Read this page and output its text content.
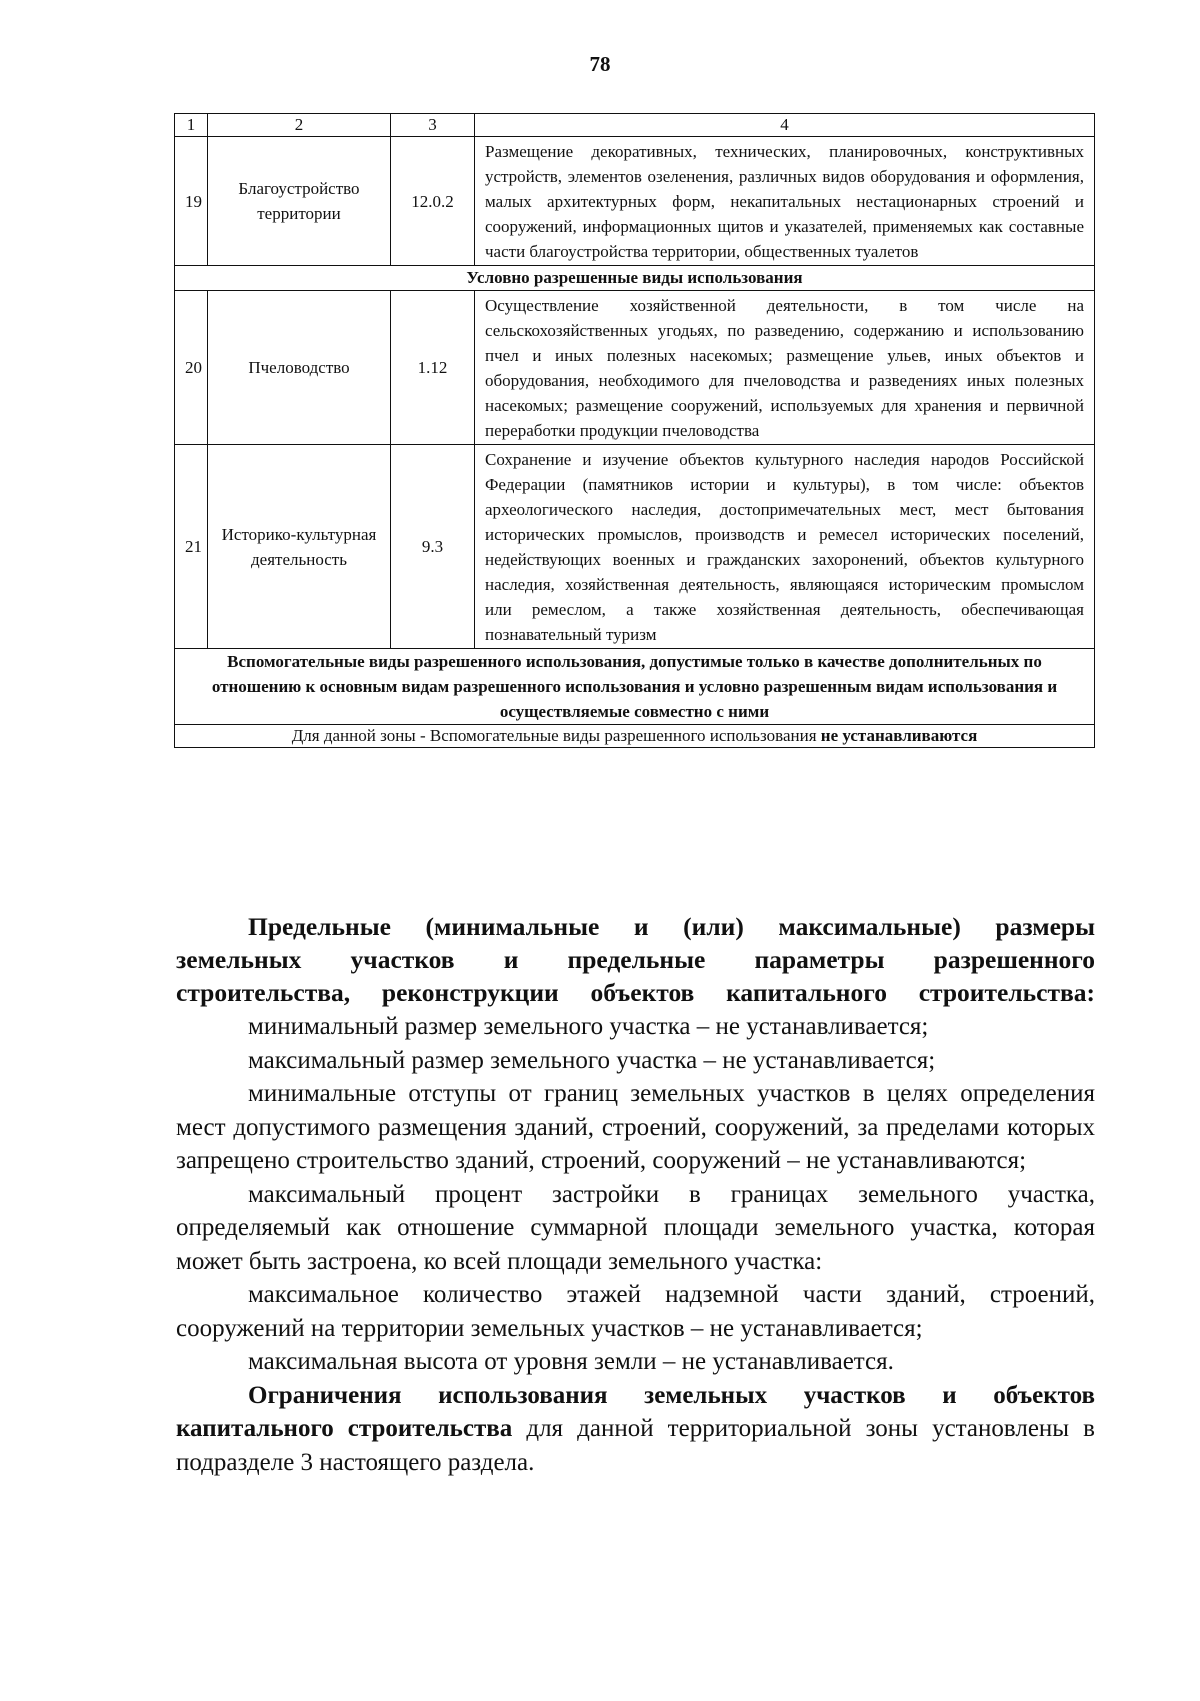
78
1	2	3	4
19	Благоустройство территории	12.0.2	Размещение декоративных, технических, планировочных, конструктивных устройств, элементов озеленения, различных видов оборудования и оформления, малых архитектурных форм, некапитальных нестационарных строений и сооружений, информационных щитов и указателей, применяемых как составные части благоустройства территории, общественных туалетов
Условно разрешенные виды использования			
20	Пчеловодство	1.12	Осуществление хозяйственной деятельности, в том числе на сельскохозяйственных угодьях, по разведению, содержанию и использованию пчел и иных полезных насекомых; размещение ульев, иных объектов и оборудования, необходимого для пчеловодства и разведениях иных полезных насекомых; размещение сооружений, используемых для хранения и первичной переработки продукции пчеловодства
21	Историко-культурная деятельность	9.3	Сохранение и изучение объектов культурного наследия народов Российской Федерации (памятников истории и культуры), в том числе: объектов археологического наследия, достопримечательных мест, мест бытования исторических промыслов, производств и ремесел исторических поселений, недействующих военных и гражданских захоронений, объектов культурного наследия, хозяйственная деятельность, являющаяся историческим промыслом или ремеслом, а также хозяйственная деятельность, обеспечивающая познавательный туризм
Вспомогательные виды разрешенного использования, допустимые только в качестве дополнительных по отношению к основным видам разрешенного использования и условно разрешенным видам использования и осуществляемые совместно с ними			
Для данной зоны - Вспомогательные виды разрешенного использования не устанавливаются			
Предельные (минимальные и (или) максимальные) размеры
земельных участков и предельные параметры разрешенного
строительства, реконструкции объектов капитального строительства:

минимальный размер земельного участка – не устанавливается;

максимальный размер земельного участка – не устанавливается;

минимальные отступы от границ земельных участков в целях определения мест допустимого размещения зданий, строений, сооружений, за пределами которых запрещено строительство зданий, строений, сооружений – не устанавливаются;

максимальный процент застройки в границах земельного участка, определяемый как отношение суммарной площади земельного участка, которая может быть застроена, ко всей площади земельного участка:

максимальное количество этажей надземной части зданий, строений, сооружений на территории земельных участков – не устанавливается;

максимальная высота от уровня земли – не устанавливается.

Ограничения использования земельных участков и объектов капитального строительства для данной территориальной зоны установлены в подразделе 3 настоящего раздела.
